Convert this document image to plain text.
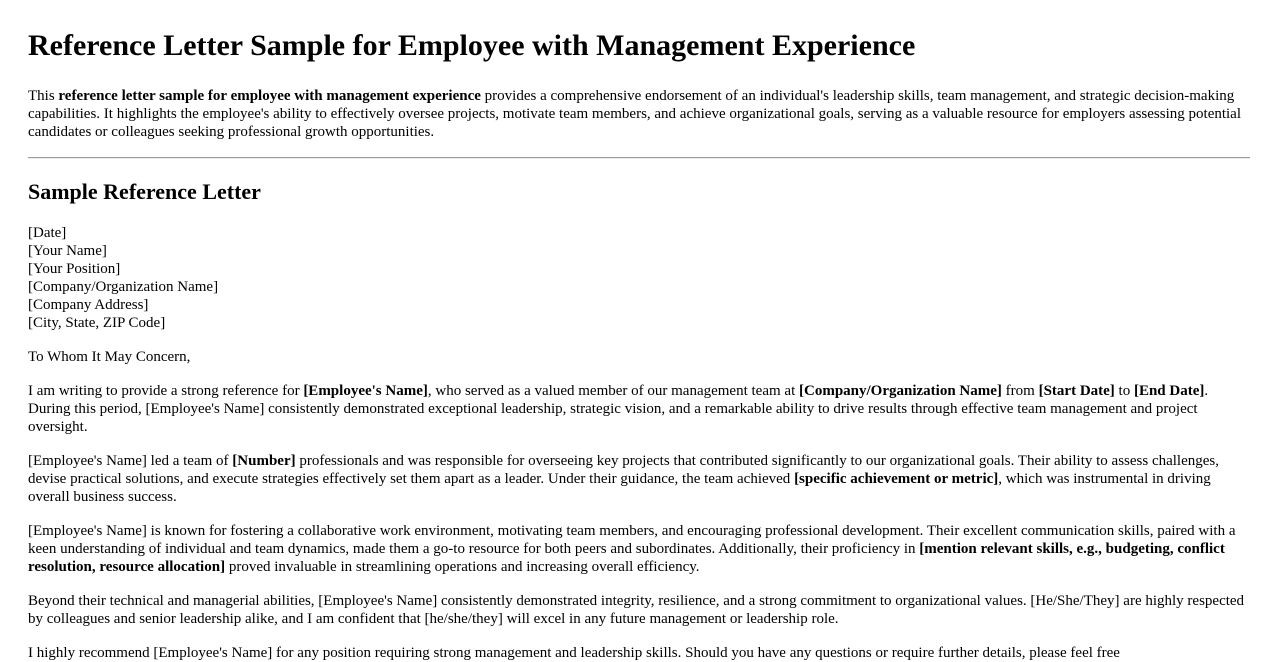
Reference Letter Sample for Employee with Management Experience

This reference letter sample for employee with management experience provides a comprehensive endorsement of an individual's leadership skills, team management, and strategic decision-making capabilities. It highlights the employee's ability to effectively oversee projects, motivate team members, and achieve organizational goals, serving as a valuable resource for employers assessing potential candidates or colleagues seeking professional growth opportunities.

Sample Reference Letter
[Date]
[Your Name]
[Your Position]
[Company/Organization Name]
[Company Address]
[City, State, ZIP Code]

To Whom It May Concern,

I am writing to provide a strong reference for [Employee's Name], who served as a valued member of our management team at [Company/Organization Name] from [Start Date] to [End Date]. During this period, [Employee's Name] consistently demonstrated exceptional leadership, strategic vision, and a remarkable ability to drive results through effective team management and project oversight.

[Employee's Name] led a team of [Number] professionals and was responsible for overseeing key projects that contributed significantly to our organizational goals. Their ability to assess challenges, devise practical solutions, and execute strategies effectively set them apart as a leader. Under their guidance, the team achieved [specific achievement or metric], which was instrumental in driving overall business success.

[Employee's Name] is known for fostering a collaborative work environment, motivating team members, and encouraging professional development. Their excellent communication skills, paired with a keen understanding of individual and team dynamics, made them a go-to resource for both peers and subordinates. Additionally, their proficiency in [mention relevant skills, e.g., budgeting, conflict resolution, resource allocation] proved invaluable in streamlining operations and increasing overall efficiency.

Beyond their technical and managerial abilities, [Employee's Name] consistently demonstrated integrity, resilience, and a strong commitment to organizational values. [He/She/They] are highly respected by colleagues and senior leadership alike, and I am confident that [he/she/they] will excel in any future management or leadership role.

I highly recommend [Employee's Name] for any position requiring strong management and leadership skills. Should you have any questions or require further details, please feel free
